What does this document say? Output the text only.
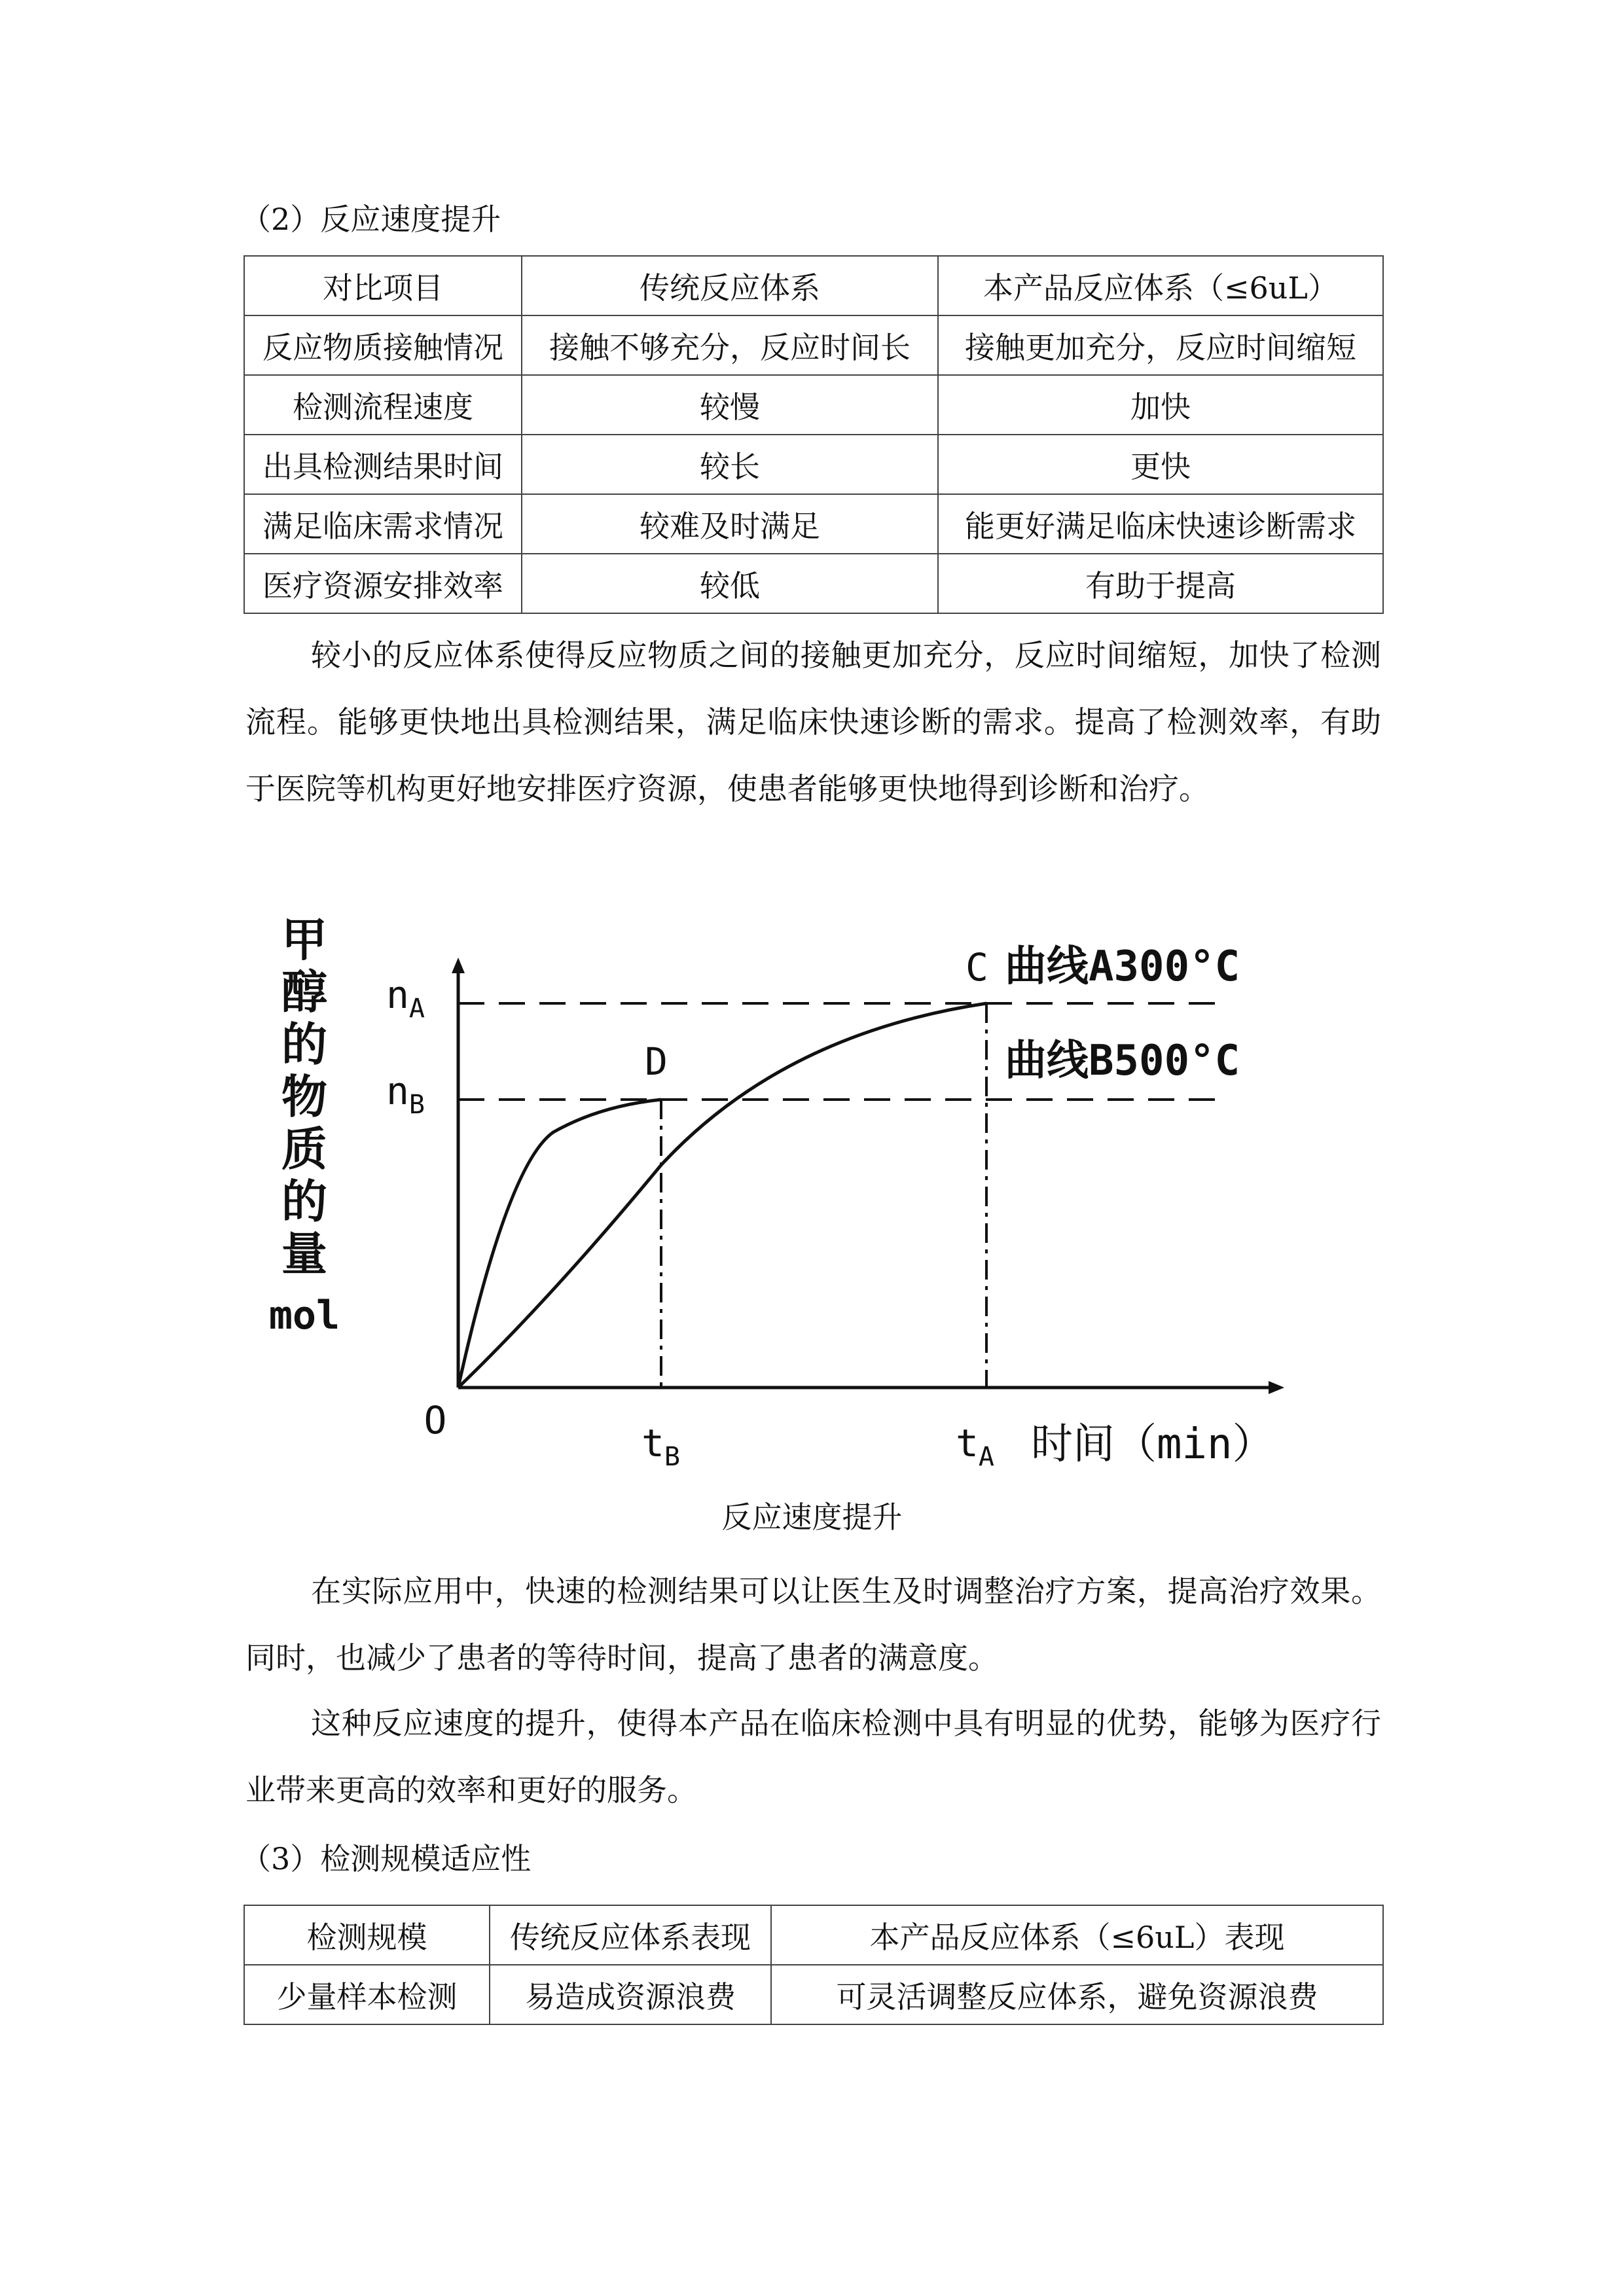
（2）反应速度提升
对比项目	传统反应体系	本产品反应体系（≤6uL）
反应物质接触情况	接触不够充分，反应时间长	接触更加充分，反应时间缩短
检测流程速度	较慢	加快
出具检测结果时间	较长	更快
满足临床需求情况	较难及时满足	能更好满足临床快速诊断需求
医疗资源安排效率	较低	有助于提高

较小的反应体系使得反应物质之间的接触更加充分，反应时间缩短，加快了检测流程。能够更快地出具检测结果，满足临床快速诊断的需求。提高了检测效率，有助于医院等机构更好地安排医疗资源，使患者能够更快地得到诊断和治疗。

甲
醇
的
物
质
的
量
mol
O
$n_A$
$n_B$
$t_B$	$t_A$ 时间（min）
D
C 曲线A300°C
曲线B500°C
反应速度提升

在实际应用中，快速的检测结果可以让医生及时调整治疗方案，提高治疗效果。同时，也减少了患者的等待时间，提高了患者的满意度。

这种反应速度的提升，使得本产品在临床检测中具有明显的优势，能够为医疗行业带来更高的效率和更好的服务。

（3）检测规模适应性
检测规模	传统反应体系表现	本产品反应体系（≤6uL）表现
少量样本检测	易造成资源浪费	可灵活调整反应体系，避免资源浪费
